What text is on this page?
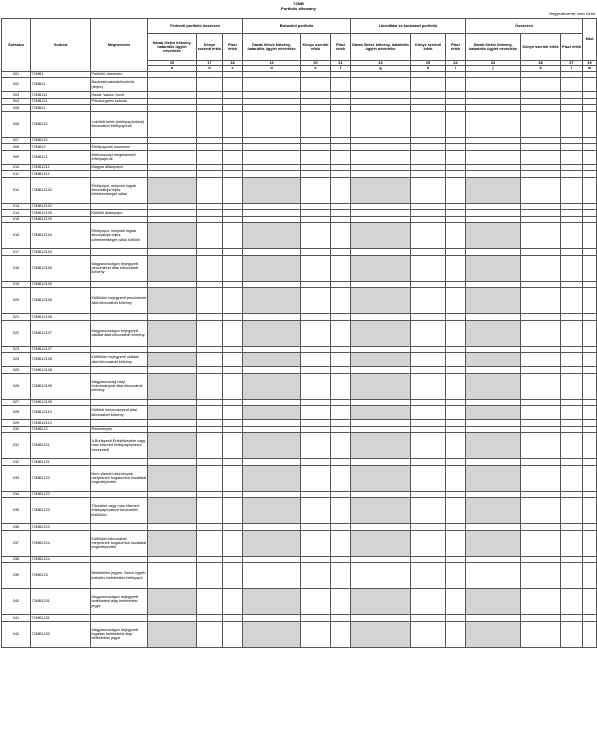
72MB
Portfolió állomány
Negyedévente; ezer forint
Sorszám	Sorkód	Megnevezés	Fedezeti portfolió összesen			Biztosítói portfolió			Likviditási és kockázati portfolió			Összesen			Mód
			Darab illetve kötvény, határidős ügylet névértéke	Könyv szerinti érték	Piaci érték	Darab illetve kötvény, határidős ügylet névértéke	Könyv szerinti érték	Piaci érték	Darab illetve kötvény, határidős ügylet névértéke	Könyv szerinti érték	Piaci érték	Darab illetve kötvény, határidős ügylet névértéke	Könyv szerinti érték	Piaci érték	
			15	17	18	19	20	21	23	25	24	26	28	27	29
			a	b	c	d	e	f	g	h	i	j	k	l	m
001	72MB1	Portfolió összesen													
002	72MB11	Banknak/valutakölcsönök (teljes)													
003	72MB111	Hazai, valuta, forint													
004	72MB111	Pénzforgalmi számla													
005	72MB11														
006	72MB113	Lekötött betét (értékpapírokkal) kibocsátott értékpapírok													
007	72MB113														
008	72MB12	Értékpapírok összesen													
009	72MB121	Hitelviszonyt megtestesítő értékpapírok													
010	72MB1211	Magyar állampapír													
011	72MB1211														
012	72MB12102	Értékpapír, melynek fogiak kibocsátója teljes kötelezettséget vállal													
013	72MB12102														
014	72MB12103	Külföldi állampapír													
015	72MB12103														
016	72MB12104	Értékpapír, melynek fogiak kibocsátója teljes kötelezettséget vállal külföldi													
017	72MB12104														
018	72MB12105	Magyarországon bejegyzett pénzintézet által kibocsátott kötvény													
019	72MB12105														
020	72MB12106	Külföldön bejegyzett pénzintézet által kibocsátott kötvény													
021	72MB12106														
022	72MB12107	Magyarországon bejegyzett vállalat által kibocsátott kötvény													
023	72MB12107														
024	72MB12108	Külföldön bejegyzett vállalat által kibocsátott kötvény													
025	72MB12108														
026	72MB12109	Magyarországi helyi önkormányzat által kibocsátott kötvény													
027	72MB12109														
028	72MB12110	Külföldi önkormányzat által kibocsátott kötvény													
029	72MB12110														
030	72MB122	Részvények													
031	72MB1221	A Budapesti Értéktőzsdére vagy más elismert értékpapírpiacra bevezetett													
032	72MB1221														
033	72MB1222	Nem tőzsdei részvények, melyeknek forgalomba hozatalát engedélyezték													
034	72MB1222														
035	72MB1223	Tőzsdére vagy más elismert értékpapírpiacra bevezetett, külföldön													
036	72MB1223														
037	72MB1224	Külföldön kibocsátott, melyeknek forgalomba hozatalát engedélyezték													
038	72MB1224														
039	72MB123	Befektetési jegyek, illetve egyéb kollektív befektetési értékpapír													
040	72MB1231	Magyarországon bejegyzett befektetési alap befektetési jegye													
041	72MB1231														
042	72MB1232	Magyarországon bejegyzett ingatlan befektetési alap befektetési jegye													
